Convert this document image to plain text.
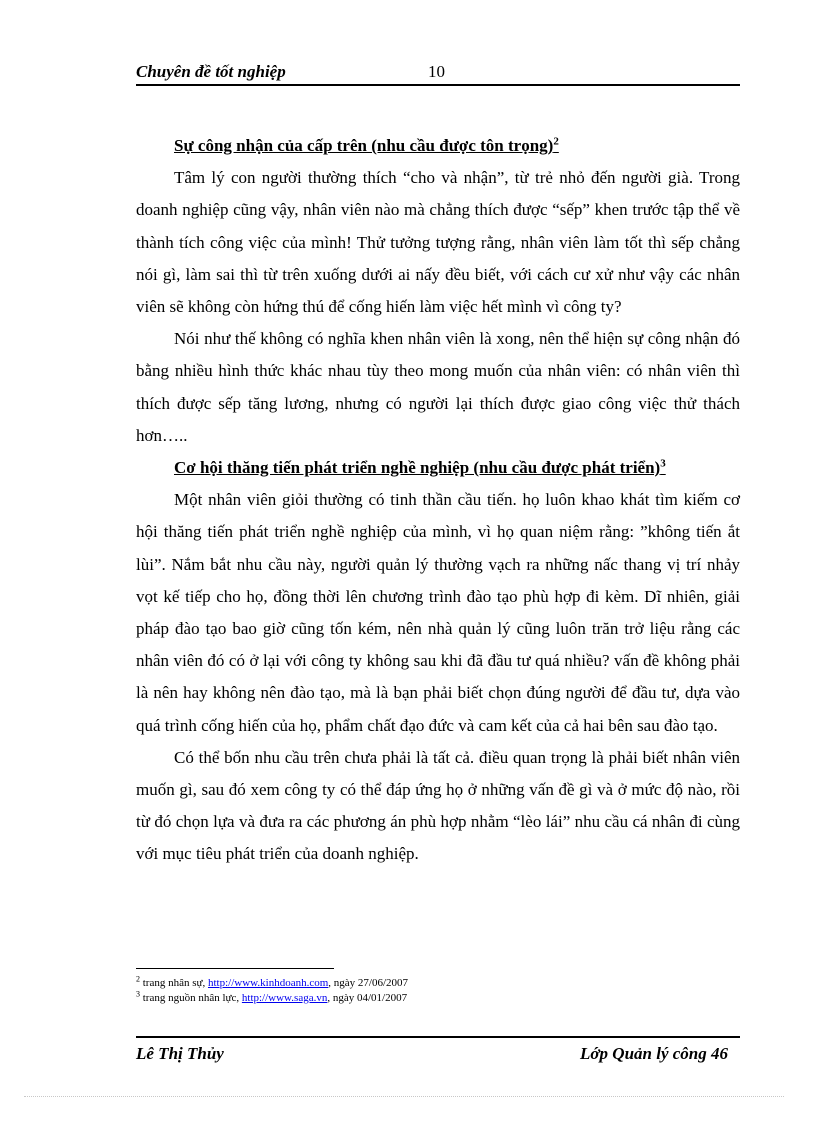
Chuyên đề tốt nghiệp	10

Sự công nhận của cấp trên (nhu cầu được tôn trọng)$^2$

Tâm lý con người thường thích “cho và nhận”, từ trẻ nhỏ đến người già. Trong doanh nghiệp cũng vậy, nhân viên nào mà chẳng thích được “sếp” khen trước tập thể về thành tích công việc của mình! Thử tưởng tượng rằng, nhân viên làm tốt thì sếp chẳng nói gì, làm sai thì từ trên xuống dưới ai nấy đều biết, với cách cư xử như vậy các nhân viên sẽ không còn hứng thú để cống hiến làm việc hết mình vì công ty?

Nói như thế không có nghĩa khen nhân viên là xong, nên thể hiện sự công nhận đó bằng nhiều hình thức khác nhau tùy theo mong muốn của nhân viên: có nhân viên thì thích được sếp tăng lương, nhưng có người lại thích được giao công việc thử thách hơn…..

Cơ hội thăng tiến phát triển nghề nghiệp (nhu cầu được phát triển)$^3$

Một nhân viên giỏi thường có tinh thần cầu tiến. họ luôn khao khát tìm kiếm cơ hội thăng tiến phát triển nghề nghiệp của mình, vì họ quan niệm rằng: ”không tiến ắt lùi”. Nắm bắt nhu cầu này, người quản lý thường vạch ra những nấc thang vị trí nhảy vọt kế tiếp cho họ, đồng thời lên chương trình đào tạo phù hợp đi kèm. Dĩ nhiên, giải pháp đào tạo bao giờ cũng tốn kém, nên nhà quản lý cũng luôn trăn trở liệu rằng các nhân viên đó có ở lại với công ty không sau khi đã đầu tư quá nhiều? vấn đề không phải là nên hay không nên đào tạo, mà là bạn phải biết chọn đúng người để đầu tư, dựa vào quá trình cống hiến của họ, phẩm chất đạo đức và cam kết của cả hai bên sau đào tạo.

Có thể bốn nhu cầu trên chưa phải là tất cả. điều quan trọng là phải biết nhân viên muốn gì, sau đó xem công ty có thể đáp ứng họ ở những vấn đề gì và ở mức độ nào, rồi từ đó chọn lựa và đưa ra các phương án phù hợp nhằm “lèo lái” nhu cầu cá nhân đi cùng với mục tiêu phát triển của doanh nghiệp.

$^2$ trang nhân sự, http://www.kinhdoanh.com, ngày 27/06/2007
$^3$ trang nguồn nhân lực, http://www.saga.vn, ngày 04/01/2007
Lê Thị Thủy	Lớp Quản lý công 46
